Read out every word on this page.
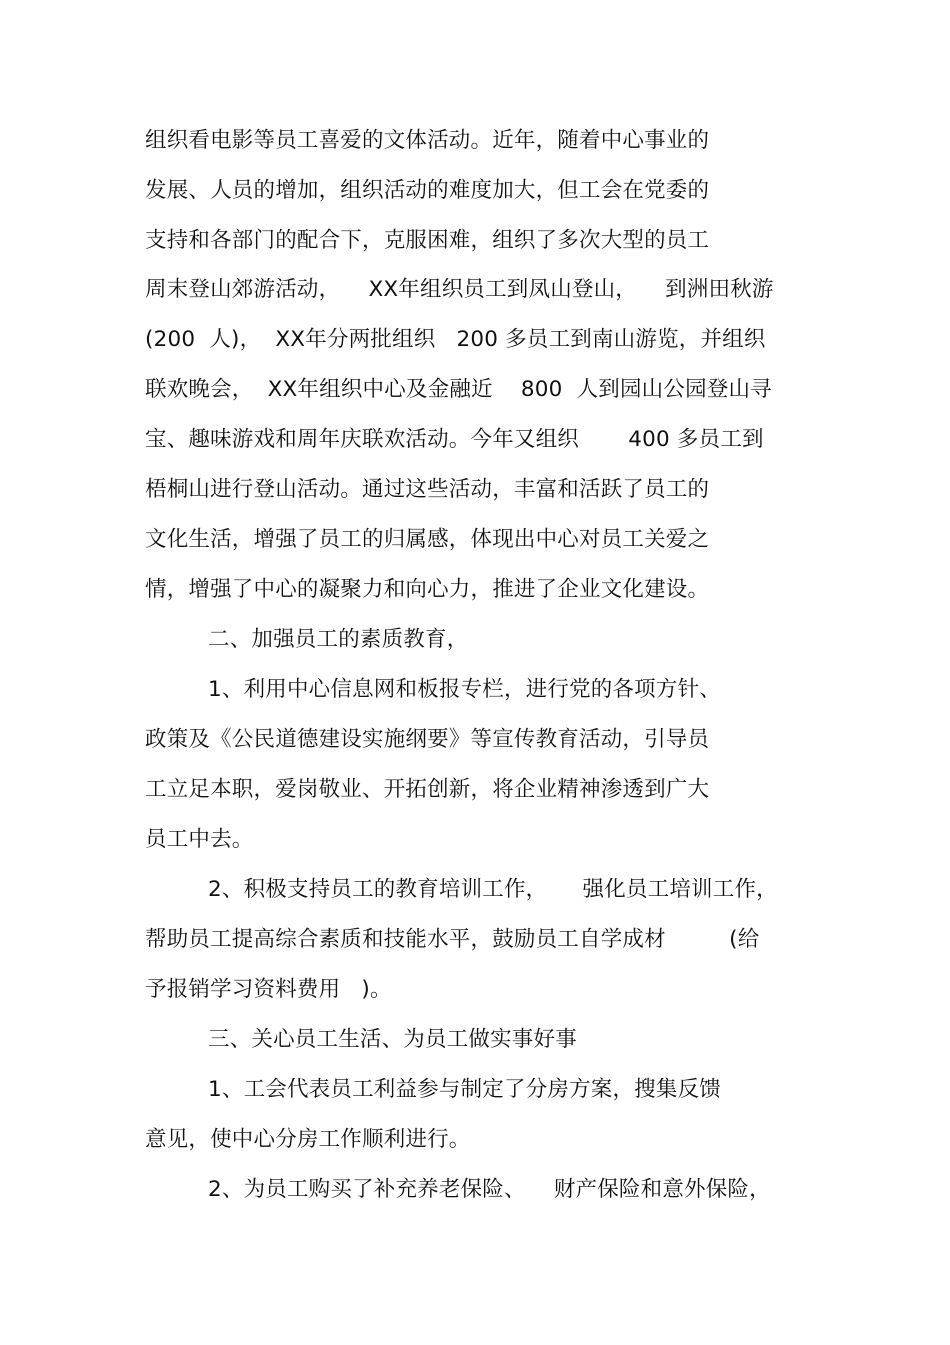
组织看电影等员工喜爱的文体活动。近年，随着中心事业的
发展、人员的增加，组织活动的难度加大，但工会在党委的
支持和各部门的配合下，克服困难，组织了多次大型的员工
周末登山郊游活动，    XX年组织员工到凤山登山，    到洲田秋游
(200  人)，  XX年分两批组织   200 多员工到南山游览，并组织
联欢晚会，  XX年组织中心及金融近    800  人到园山公园登山寻
宝、趣味游戏和周年庆联欢活动。今年又组织       400 多员工到
梧桐山进行登山活动。通过这些活动，丰富和活跃了员工的
文化生活，增强了员工的归属感，体现出中心对员工关爱之
情，增强了中心的凝聚力和向心力，推进了企业文化建设。
二、加强员工的素质教育，
1、利用中心信息网和板报专栏，进行党的各项方针、
政策及《公民道德建设实施纲要》等宣传教育活动，引导员
工立足本职，爱岗敬业、开拓创新，将企业精神渗透到广大
员工中去。
2、积极支持员工的教育培训工作，     强化员工培训工作，
帮助员工提高综合素质和技能水平，鼓励员工自学成材         (给
予报销学习资料费用   )。
三、关心员工生活、为员工做实事好事
1、工会代表员工利益参与制定了分房方案，搜集反馈
意见，使中心分房工作顺利进行。
2、为员工购买了补充养老保险、    财产保险和意外保险，
